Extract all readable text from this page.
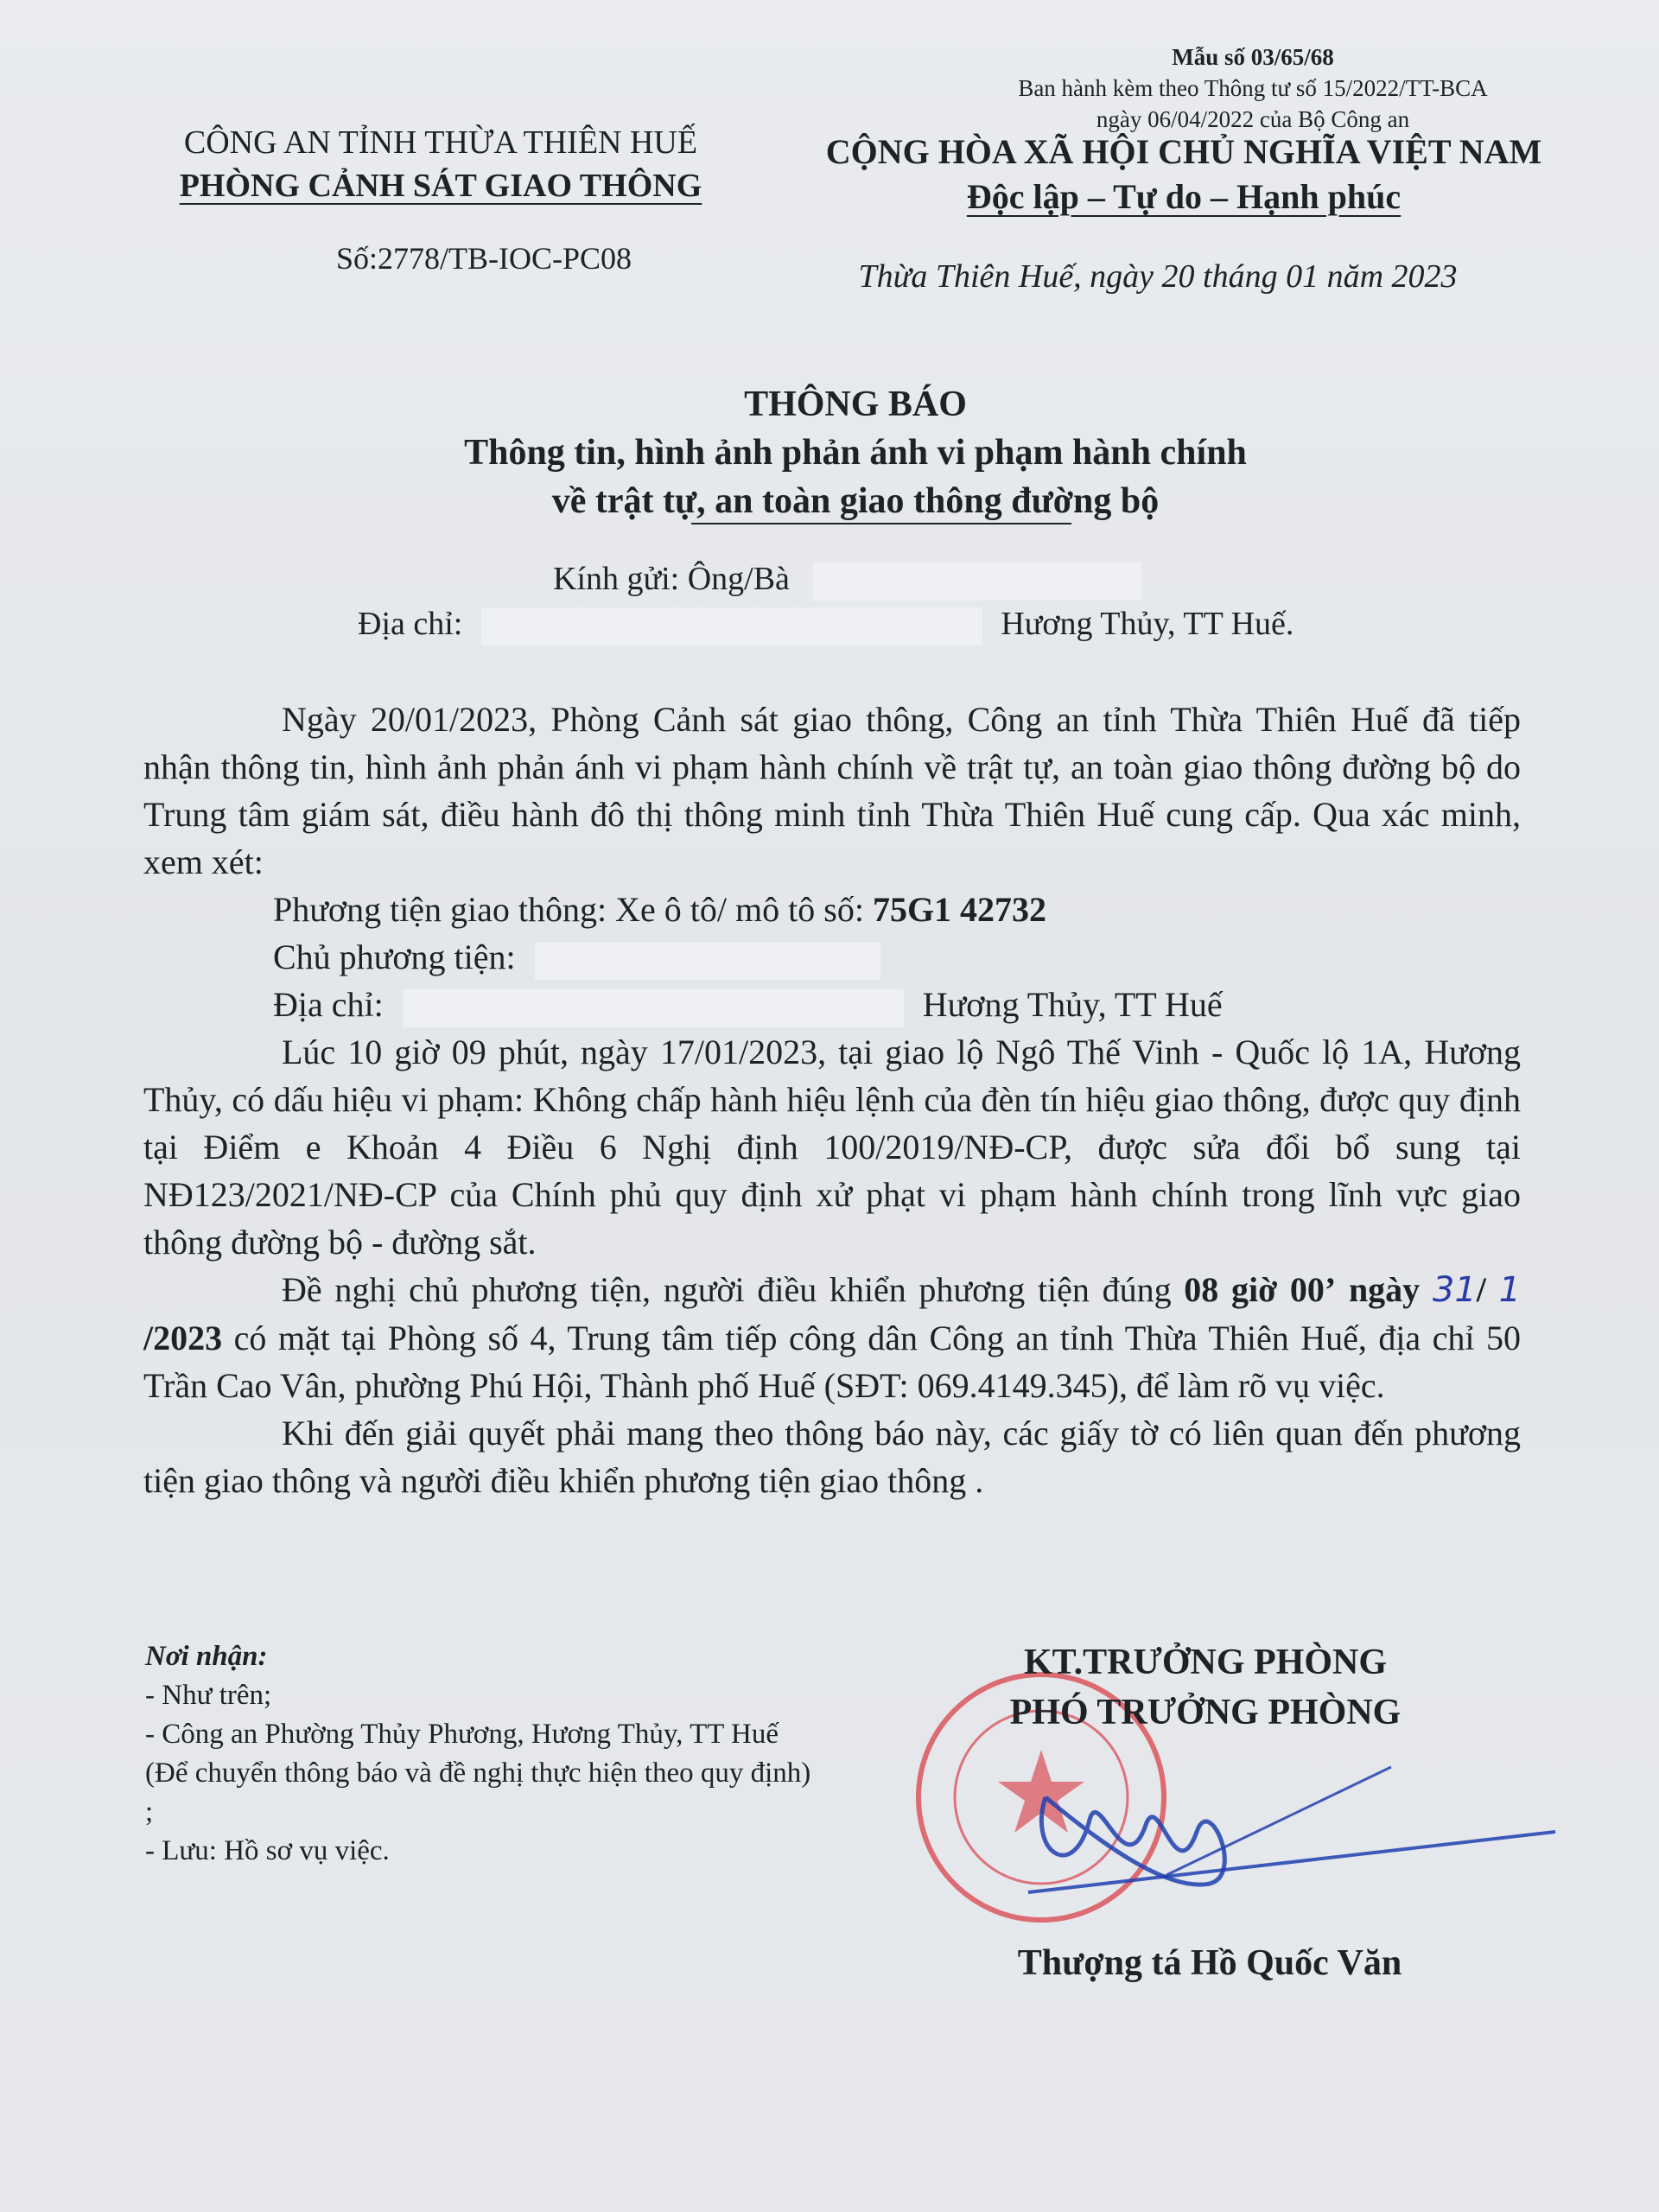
Mẫu số 03/65/68
Ban hành kèm theo Thông tư số 15/2022/TT-BCA
ngày 06/04/2022 của Bộ Công an
CÔNG AN TỈNH THỪA THIÊN HUẾ
PHÒNG CẢNH SÁT GIAO THÔNG
Số:2778/TB-IOC-PC08
CỘNG HÒA XÃ HỘI CHỦ NGHĨA VIỆT NAM
Độc lập – Tự do – Hạnh phúc
Thừa Thiên Huế, ngày 20 tháng 01 năm 2023
THÔNG BÁO
Thông tin, hình ảnh phản ánh vi phạm hành chính
về trật tự, an toàn giao thông đường bộ
Kính gửi: Ông/Bà
Địa chỉ:	Hương Thủy, TT Huế.

Ngày 20/01/2023, Phòng Cảnh sát giao thông, Công an tỉnh Thừa Thiên Huế đã tiếp nhận thông tin, hình ảnh phản ánh vi phạm hành chính về trật tự, an toàn giao thông đường bộ do Trung tâm giám sát, điều hành đô thị thông minh tỉnh Thừa Thiên Huế cung cấp. Qua xác minh, xem xét:

Phương tiện giao thông: Xe ô tô/ mô tô số: 75G1 42732

Chủ phương tiện:

Địa chỉ:	Hương Thủy, TT Huế

Lúc 10 giờ 09 phút, ngày 17/01/2023, tại giao lộ Ngô Thế Vinh - Quốc lộ 1A, Hương Thủy, có dấu hiệu vi phạm: Không chấp hành hiệu lệnh của đèn tín hiệu giao thông, được quy định tại Điểm e Khoản 4 Điều 6 Nghị định 100/2019/NĐ-CP, được sửa đổi bổ sung tại NĐ123/2021/NĐ-CP của Chính phủ quy định xử phạt vi phạm hành chính trong lĩnh vực giao thông đường bộ - đường sắt.

Đề nghị chủ phương tiện, người điều khiển phương tiện đúng 08 giờ 00’ ngày 31/ 1 /2023 có mặt tại Phòng số 4, Trung tâm tiếp công dân Công an tỉnh Thừa Thiên Huế, địa chỉ 50 Trần Cao Vân, phường Phú Hội, Thành phố Huế (SĐT: 069.4149.345), để làm rõ vụ việc.

Khi đến giải quyết phải mang theo thông báo này, các giấy tờ có liên quan đến phương tiện giao thông và người điều khiển phương tiện giao thông .

Nơi nhận:
- Như trên;
- Công an Phường Thủy Phương, Hương Thủy, TT Huế (Để chuyển thông báo và đề nghị thực hiện theo quy định) ;
- Lưu: Hồ sơ vụ việc.
KT.TRƯỞNG PHÒNG
PHÓ TRƯỞNG PHÒNG
Thượng tá Hồ Quốc Văn
